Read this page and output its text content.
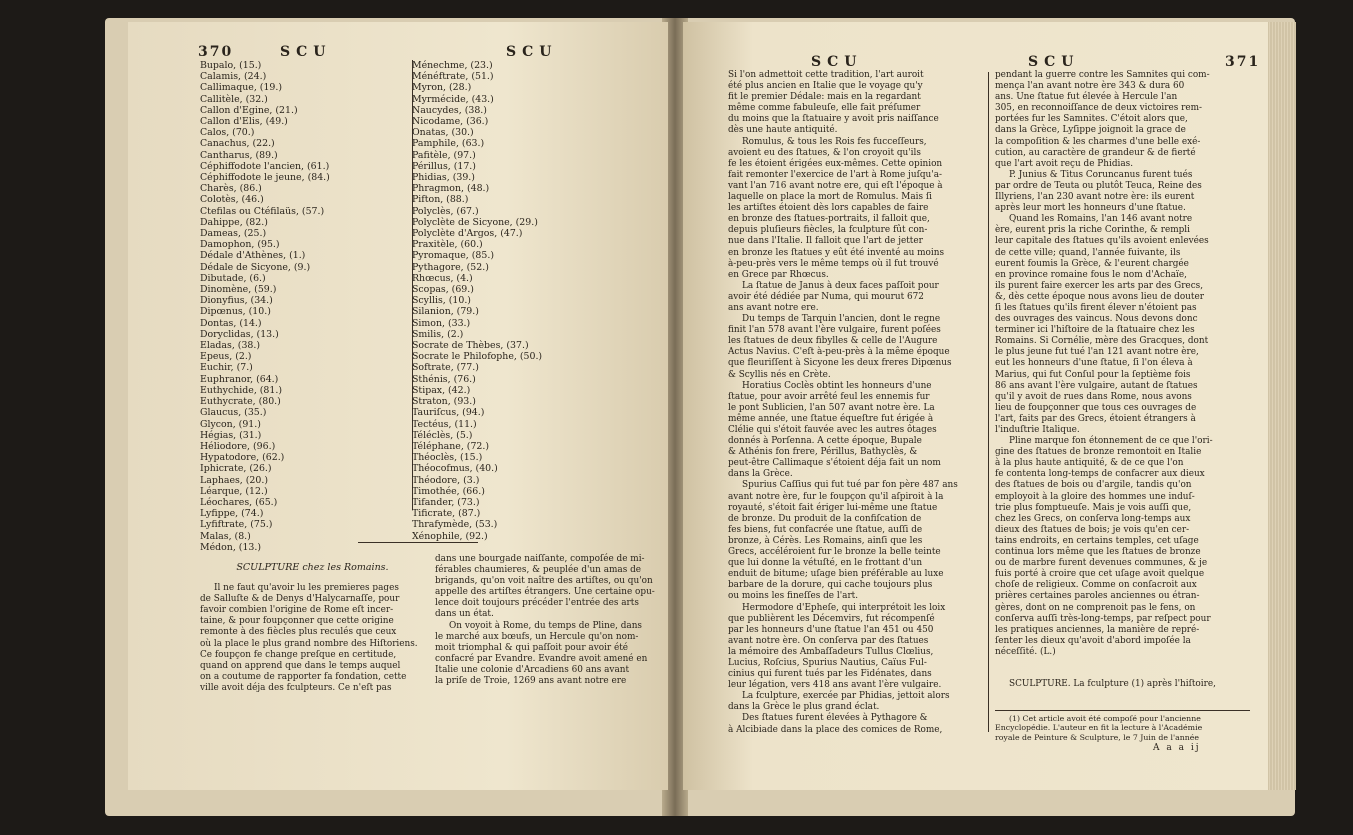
370	SCU	SCU
Bupalo, (15.)
Calamis, (24.)
Callimaque, (19.)
Callitèle, (32.)
Callon d'Egine, (21.)
Callon d'Elis, (49.)
Calos, (70.)
Canachus, (22.)
Cantharus, (89.)
Céphiffodote l'ancien, (61.)
Céphiffodote le jeune, (84.)
Charès, (86.)
Colotès, (46.)
Ctefilas ou Ctéfilaüs, (57.)
Dahippe, (82.)
Dameas, (25.)
Damophon, (95.)
Dédale d'Athènes, (1.)
Dédale de Sicyone, (9.)
Dibutade, (6.)
Dinomène, (59.)
Dionyfius, (34.)
Dipœnus, (10.)
Dontas, (14.)
Doryclidas, (13.)
Eladas, (38.)
Epeus, (2.)
Euchir, (7.)
Euphranor, (64.)
Euthychide, (81.)
Euthycrate, (80.)
Glaucus, (35.)
Glycon, (91.)
Hégias, (31.)
Héliodore, (96.)
Hypatodore, (62.)
Iphicrate, (26.)
Laphaes, (20.)
Léarque, (12.)
Léochares, (65.)
Lyfippe, (74.)
Lyfiftrate, (75.)
Malas, (8.)
Médon, (13.)
Ménechme, (23.)
Ménéftrate, (51.)
Myron, (28.)
Myrmécide, (43.)
Naucydes, (38.)
Nicodame, (36.)
Onatas, (30.)
Pamphile, (63.)
Pafitèle, (97.)
Périllus, (17.)
Phidias, (39.)
Phragmon, (48.)
Pifton, (88.)
Polyclès, (67.)
Polyclète de Sicyone, (29.)
Polyclète d'Argos, (47.)
Praxitèle, (60.)
Pyromaque, (85.)
Pythagore, (52.)
Rhœcus, (4.)
Scopas, (69.)
Scyllis, (10.)
Silanion, (79.)
Simon, (33.)
Smilis, (2.)
Socrate de Thèbes, (37.)
Socrate le Philofophe, (50.)
Softrate, (77.)
Sthénis, (76.)
Stipax, (42.)
Straton, (93.)
Tauriſcus, (94.)
Tectéus, (11.)
Téléclès, (5.)
Téléphane, (72.)
Théoclès, (15.)
Théocofmus, (40.)
Théodore, (3.)
Timothée, (66.)
Tifander, (73.)
Tificrate, (87.)
Thrafymède, (53.)
Xénophile, (92.)
SCULPTURE chez les Romains.
Il ne faut qu'avoir lu les premieres pages
de Salluſte & de Denys d'Halycarnaſſe, pour
favoir combien l'origine de Rome eſt incer-
taine, & pour foupçonner que cette origine
remonte à des fiècles plus reculés que ceux
où la place le plus grand nombre des Hiſtoriens.
Ce foupçon fe change preſque en certitude,
quand on apprend que dans le temps auquel
on a coutume de rapporter fa fondation, cette
ville avoit déja des fculpteurs. Ce n'eſt pas
dans une bourgade naiſſante, compoſée de mi-
férables chaumieres, & peuplée d'un amas de
brigands, qu'on voit naître des artiſtes, ou qu'on
appelle des artiſtes étrangers. Une certaine opu-
lence doit toujours précéder l'entrée des arts
dans un état.
On voyoit à Rome, du temps de Pline, dans
le marché aux bœufs, un Hercule qu'on nom-
moit triomphal & qui paſſoit pour avoir été
confacré par Evandre. Evandre avoit amené en
Italie une colonie d'Arcadiens 60 ans avant
la priſe de Troie, 1269 ans avant notre ere
SCU	SCU	371
Si l'on admettoit cette tradition, l'art auroit
été plus ancien en Italie que le voyage qu'y
fit le premier Dédale: mais en la regardant
même comme fabuleuſe, elle fait préſumer
du moins que la ſtatuaire y avoit pris naiſſance
dès une haute antiquité.
Romulus, & tous les Rois fes fucceſſeurs,
avoient eu des ſtatues, & l'on croyoit qu'ils
fe les étoient érigées eux-mêmes. Cette opinion
fait remonter l'exercice de l'art à Rome juſqu'a-
vant l'an 716 avant notre ere, qui eſt l'époque à
laquelle on place la mort de Romulus. Mais ſi
les artiſtes étoient dès lors capables de faire
en bronze des ſtatues-portraits, il falloit que,
depuis pluſieurs fiècles, la fculpture fût con-
nue dans l'Italie. Il falloit que l'art de jetter
en bronze les ſtatues y eût été inventé au moins
à-peu-près vers le même temps où il fut trouvé
en Grece par Rhœcus.
La ſtatue de Janus à deux faces paſſoit pour
avoir été dédiée par Numa, qui mourut 672
ans avant notre ere.
Du temps de Tarquin l'ancien, dont le regne
finit l'an 578 avant l'ère vulgaire, furent poſées
les ſtatues de deux fibylles & celle de l'Augure
Actus Navius. C'eſt à-peu-près à la même époque
que fleuriſſent à Sicyone les deux freres Dipœnus
& Scyllis nés en Crète.
Horatius Coclès obtint les honneurs d'une
ſtatue, pour avoir arrêté feul les ennemis fur
le pont Sublicien, l'an 507 avant notre ère. La
même année, une ſtatue équeſtre fut érigée à
Clélie qui s'étoit fauvée avec les autres ôtages
donnés à Porſenna. A cette époque, Bupale
& Athénis fon frere, Périllus, Bathyclès, &
peut-être Callimaque s'étoient déja fait un nom
dans la Grèce.
Spurius Caſſius qui fut tué par fon père 487 ans
avant notre ère, fur le foupçon qu'il aſpiroit à la
royauté, s'étoit fait ériger lui-même une ſtatue
de bronze. Du produit de la confiſcation de
fes biens, fut confacrée une ſtatue, auſſi de
bronze, à Cérès. Les Romains, ainſi que les
Grecs, accéléroient fur le bronze la belle teinte
que lui donne la vétuſté, en le frottant d'un
enduit de bitume; uſage bien préférable au luxe
barbare de la dorure, qui cache toujours plus
ou moins les fineſſes de l'art.
Hermodore d'Epheſe, qui interprétoit les loix
que publièrent les Décemvirs, fut récompenſé
par les honneurs d'une ſtatue l'an 451 ou 450
avant notre ère. On conſerva par des ſtatues
la mémoire des Ambaſſadeurs Tullus Clœlius,
Lucius, Roſcius, Spurius Nautius, Caïus Ful-
cinius qui furent tués par les Fidénates, dans
leur légation, vers 418 ans avant l'ère vulgaire.
La fculpture, exercée par Phidias, jettoit alors
dans la Grèce le plus grand éclat.
Des ſtatues furent élevées à Pythagore &
à Alcibiade dans la place des comices de Rome,
pendant la guerre contre les Samnites qui com-
mença l'an avant notre ère 343 & dura 60
ans. Une ſtatue fut élevée à Hercule l'an
305, en reconnoiſſance de deux victoires rem-
portées fur les Samnites. C'étoit alors que,
dans la Grèce, Lyſippe joignoit la grace de
la compoſition & les charmes d'une belle exé-
cution, au caractère de grandeur & de fierté
que l'art avoit reçu de Phidias.
P. Junius & Titus Coruncanus furent tués
par ordre de Teuta ou plutôt Teuca, Reine des
Illyriens, l'an 230 avant notre ère: ils eurent
après leur mort les honneurs d'une ſtatue.
Quand les Romains, l'an 146 avant notre
ère, eurent pris la riche Corinthe, & rempli
leur capitale des ſtatues qu'ils avoient enlevées
de cette ville; quand, l'année fuivante, ils
eurent foumis la Grèce, & l'eurent chargée
en province romaine fous le nom d'Achaïe,
ils purent faire exercer les arts par des Grecs,
&, dès cette époque nous avons lieu de douter
ſi les ſtatues qu'ils firent élever n'étoient pas
des ouvrages des vaincus. Nous devons donc
terminer ici l'hiſtoire de la ſtatuaire chez les
Romains. Si Cornélie, mère des Gracques, dont
le plus jeune fut tué l'an 121 avant notre ère,
eut les honneurs d'une ſtatue, ſi l'on éleva à
Marius, qui fut Conſul pour la ſeptième fois
86 ans avant l'ère vulgaire, autant de ſtatues
qu'il y avoit de rues dans Rome, nous avons
lieu de foupçonner que tous ces ouvrages de
l'art, faits par des Grecs, étoient étrangers à
l'induſtrie Italique.
Pline marque fon étonnement de ce que l'ori-
gine des ſtatues de bronze remontoit en Italie
à la plus haute antiquité, & de ce que l'on
fe contenta long-temps de confacrer aux dieux
des ſtatues de bois ou d'argile, tandis qu'on
employoit à la gloire des hommes une induſ-
trie plus fomptueuſe. Mais je vois auſſi que,
chez les Grecs, on conſerva long-temps aux
dieux des ſtatues de bois; je vois qu'en cer-
tains endroits, en certains temples, cet uſage
continua lors même que les ſtatues de bronze
ou de marbre furent devenues communes, & je
fuis porté à croire que cet uſage avoit quelque
choſe de religieux. Comme on conſacroit aux
prières certaines paroles anciennes ou étran-
gères, dont on ne comprenoit pas le fens, on
conſerva auſſi très-long-temps, par reſpect pour
les pratiques anciennes, la manière de repré-
ſenter les dieux qu'avoit d'abord impoſée la
néceſſité. (L.)
SCULPTURE. La fculpture (1) après l'hiſtoire,
(1) Cet article avoit été compoſé pour l'ancienne
Encyclopédie. L'auteur en fit la lecture à l'Académie
royale de Peinture & Sculpture, le 7 Juin de l'année
A a a ij
